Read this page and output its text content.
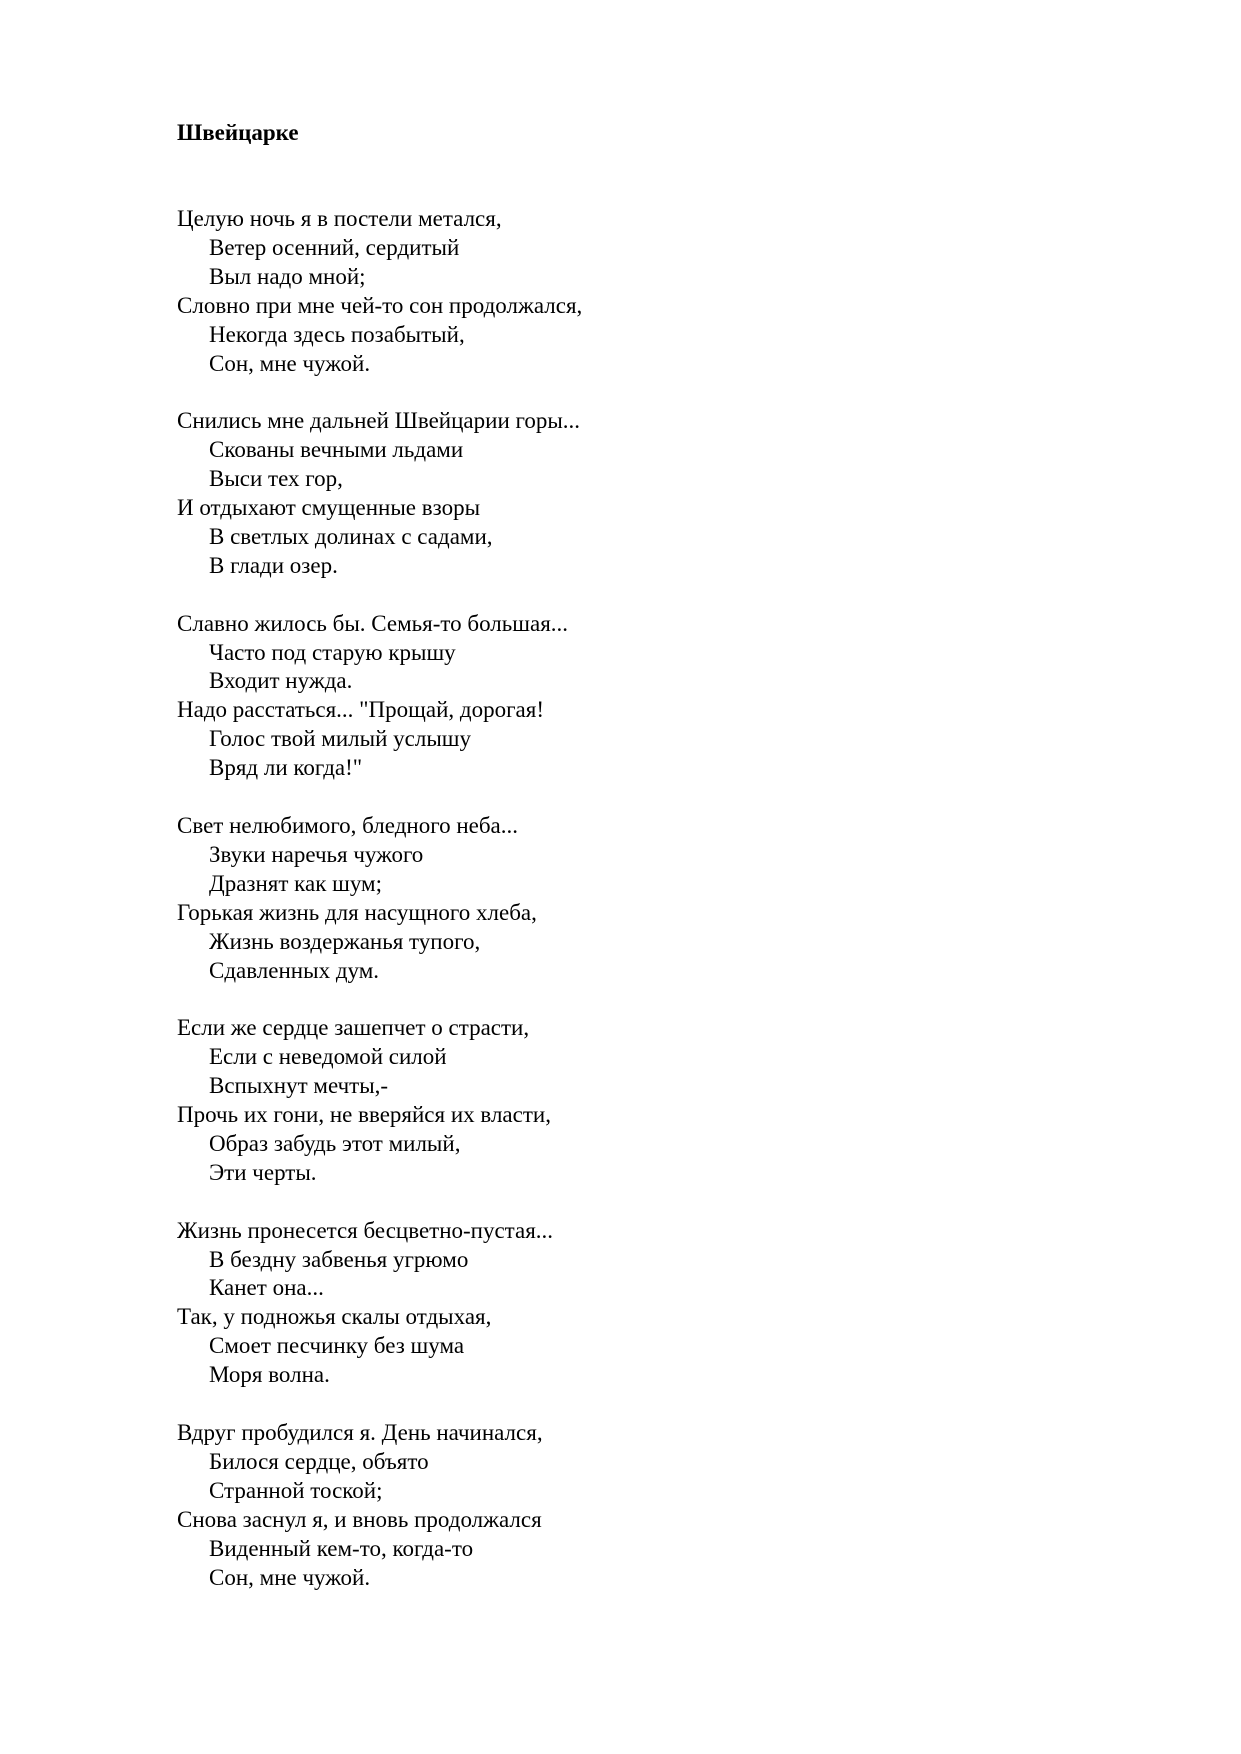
Швейцарке

Целую ночь я в постели метался,

Ветер осенний, сердитый

Выл надо мной;

Словно при мне чей-то сон продолжался,

Некогда здесь позабытый,

Сон, мне чужой.

Снились мне дальней Швейцарии горы...

Скованы вечными льдами

Выси тех гор,

И отдыхают смущенные взоры

В светлых долинах с садами,

В глади озер.

Славно жилось бы. Семья-то большая...

Часто под старую крышу

Входит нужда.

Надо расстаться... "Прощай, дорогая!

Голос твой милый услышу

Вряд ли когда!"

Свет нелюбимого, бледного неба...

Звуки наречья чужого

Дразнят как шум;

Горькая жизнь для насущного хлеба,

Жизнь воздержанья тупого,

Сдавленных дум.

Если же сердце зашепчет о страсти,

Если с неведомой силой

Вспыхнут мечты,-

Прочь их гони, не вверяйся их власти,

Образ забудь этот милый,

Эти черты.

Жизнь пронесется бесцветно-пустая...

В бездну забвенья угрюмо

Канет она...

Так, у подножья скалы отдыхая,

Смоет песчинку без шума

Моря волна.

Вдруг пробудился я. День начинался,

Билося сердце, объято

Странной тоской;

Снова заснул я, и вновь продолжался

Виденный кем-то, когда-то

Сон, мне чужой.
